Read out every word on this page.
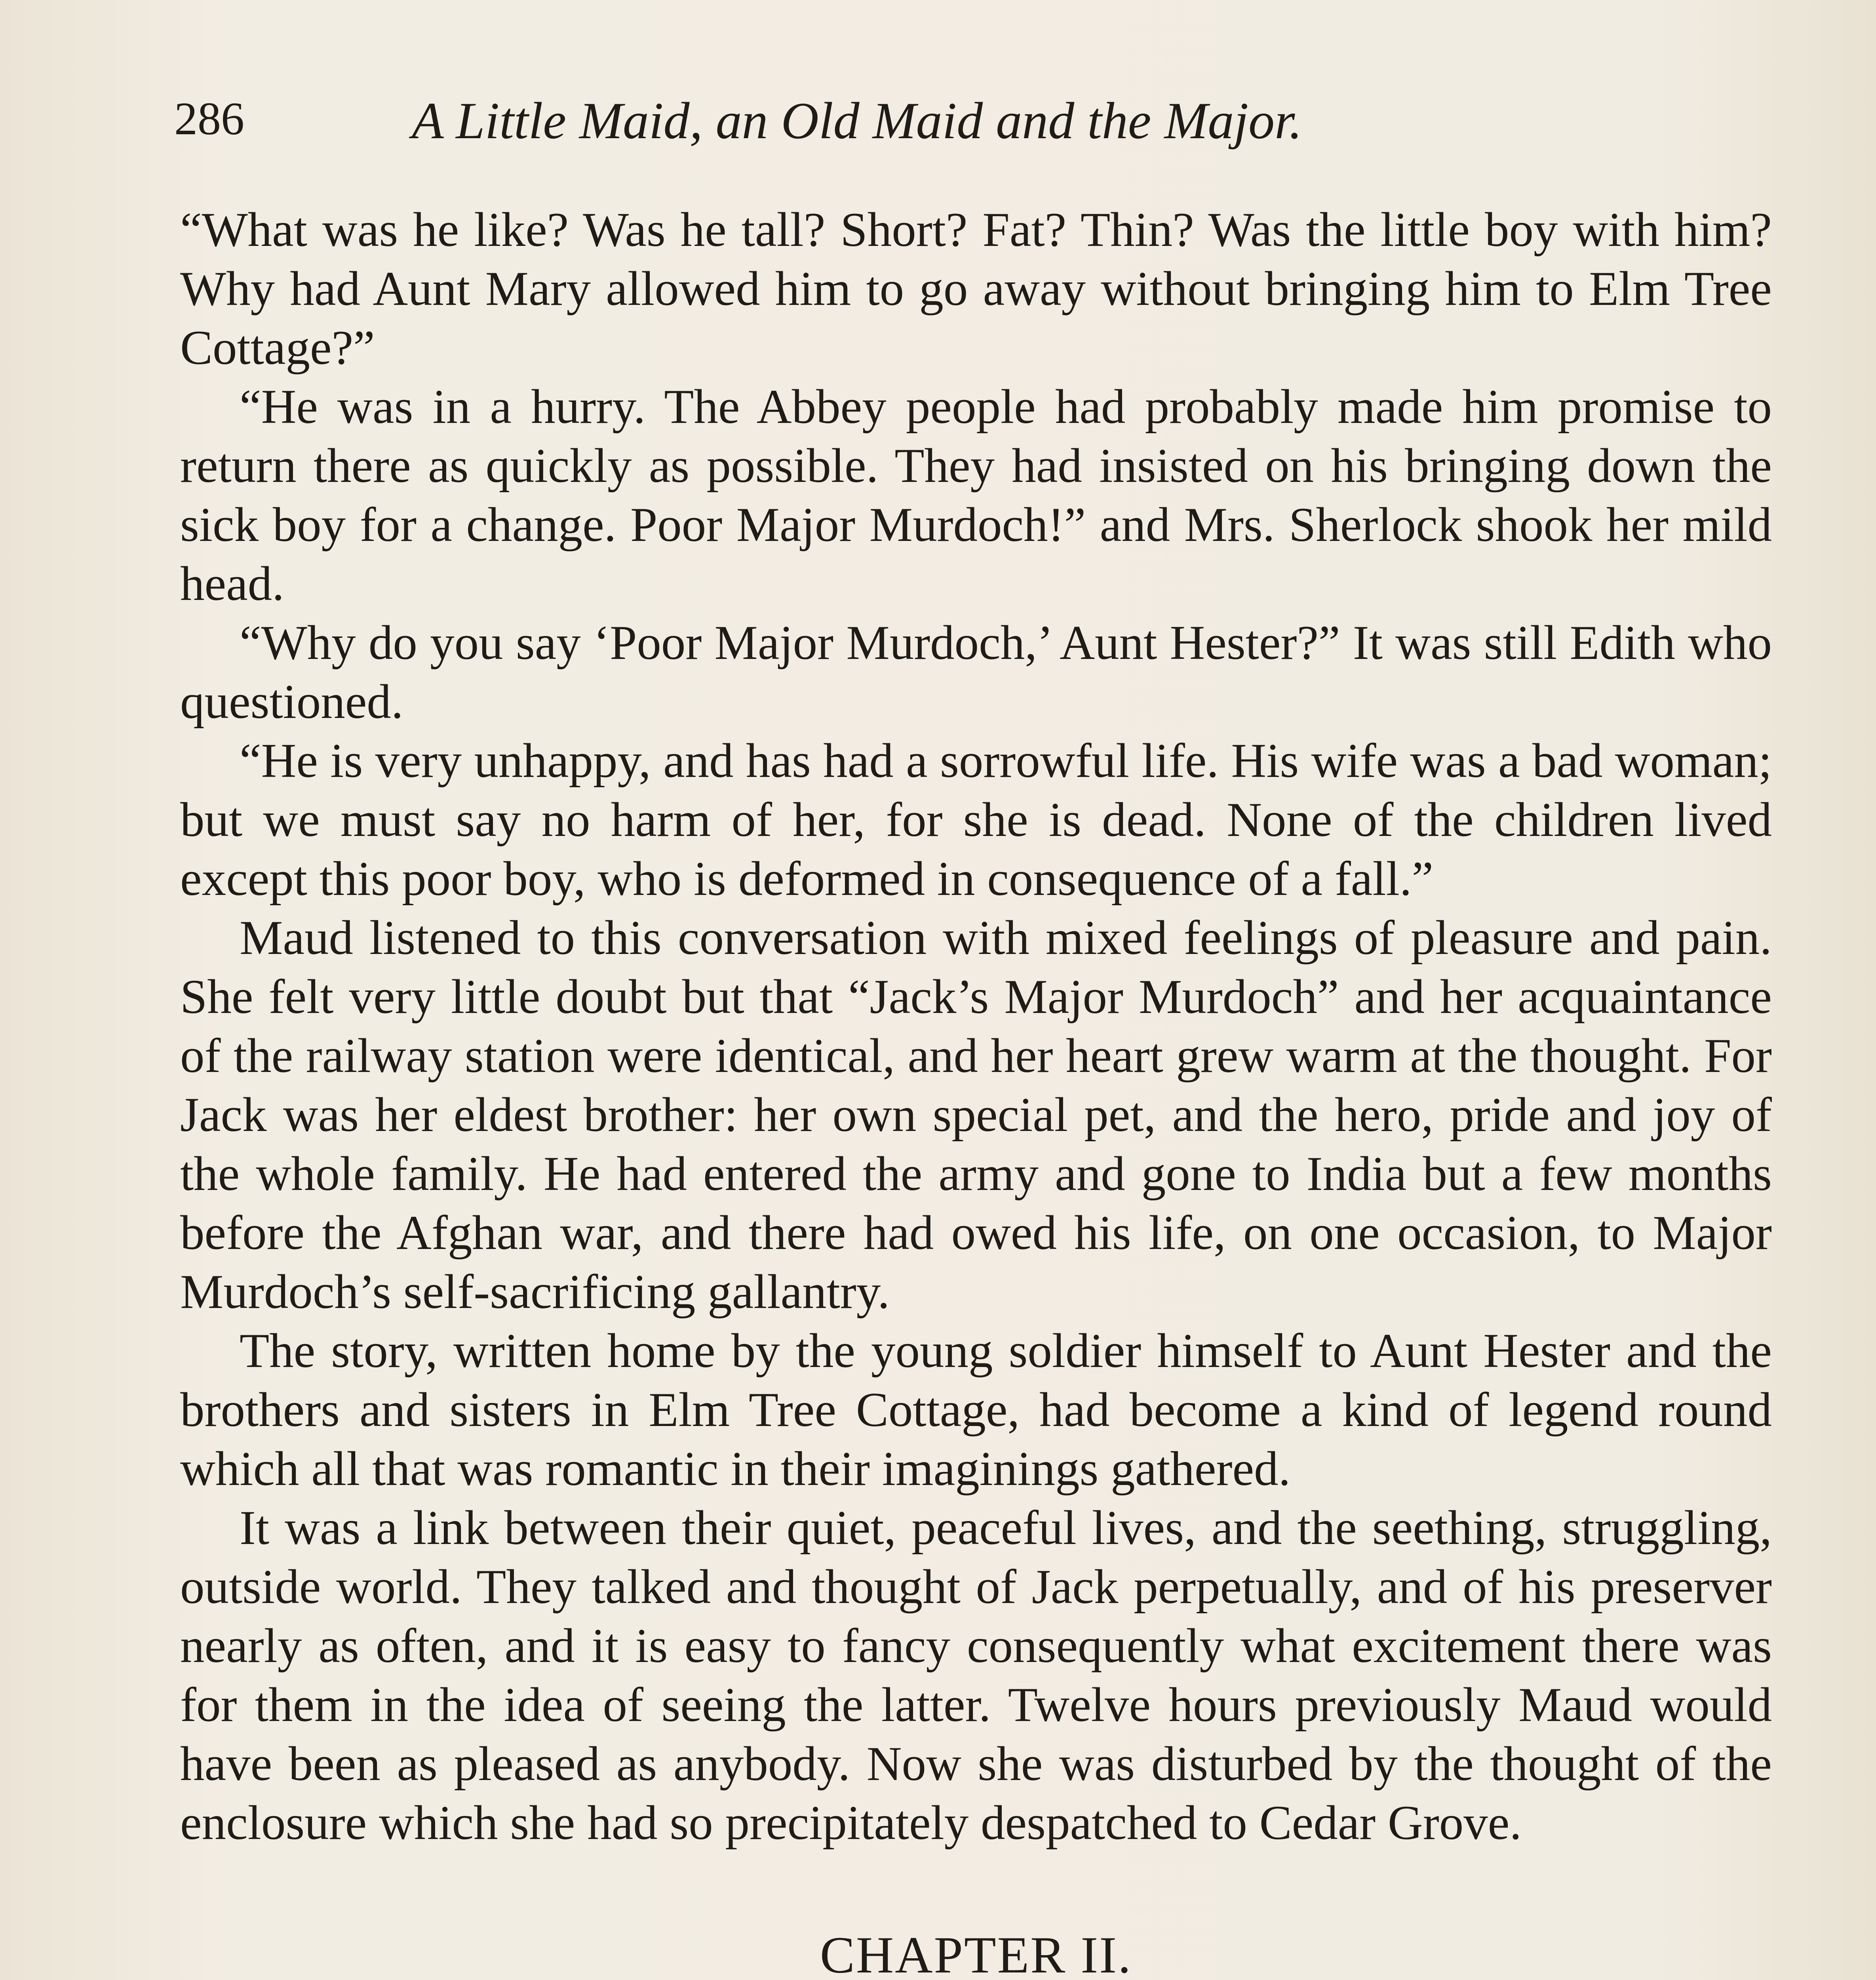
286	A Little Maid, an Old Maid and the Major.

“What was he like? Was he tall? Short? Fat? Thin? Was the little boy with him? Why had Aunt Mary allowed him to go away without bringing him to Elm Tree Cottage?”

“He was in a hurry. The Abbey people had probably made him promise to return there as quickly as possible. They had insisted on his bringing down the sick boy for a change. Poor Major Murdoch!” and Mrs. Sherlock shook her mild head.

“Why do you say ‘Poor Major Murdoch,’ Aunt Hester?” It was still Edith who questioned.

“He is very unhappy, and has had a sorrowful life. His wife was a bad woman; but we must say no harm of her, for she is dead. None of the children lived except this poor boy, who is deformed in consequence of a fall.”

Maud listened to this conversation with mixed feelings of pleasure and pain. She felt very little doubt but that “Jack’s Major Murdoch” and her acquaintance of the railway station were identical, and her heart grew warm at the thought. For Jack was her eldest brother: her own special pet, and the hero, pride and joy of the whole family. He had entered the army and gone to India but a few months before the Afghan war, and there had owed his life, on one occasion, to Major Murdoch’s self-sacrificing gallantry.

The story, written home by the young soldier himself to Aunt Hester and the brothers and sisters in Elm Tree Cottage, had become a kind of legend round which all that was romantic in their imaginings gathered.

It was a link between their quiet, peaceful lives, and the seething, struggling, outside world. They talked and thought of Jack perpetually, and of his preserver nearly as often, and it is easy to fancy consequently what excitement there was for them in the idea of seeing the latter. Twelve hours previously Maud would have been as pleased as anybody. Now she was disturbed by the thought of the enclosure which she had so precipitately despatched to Cedar Grove.

CHAPTER II.
